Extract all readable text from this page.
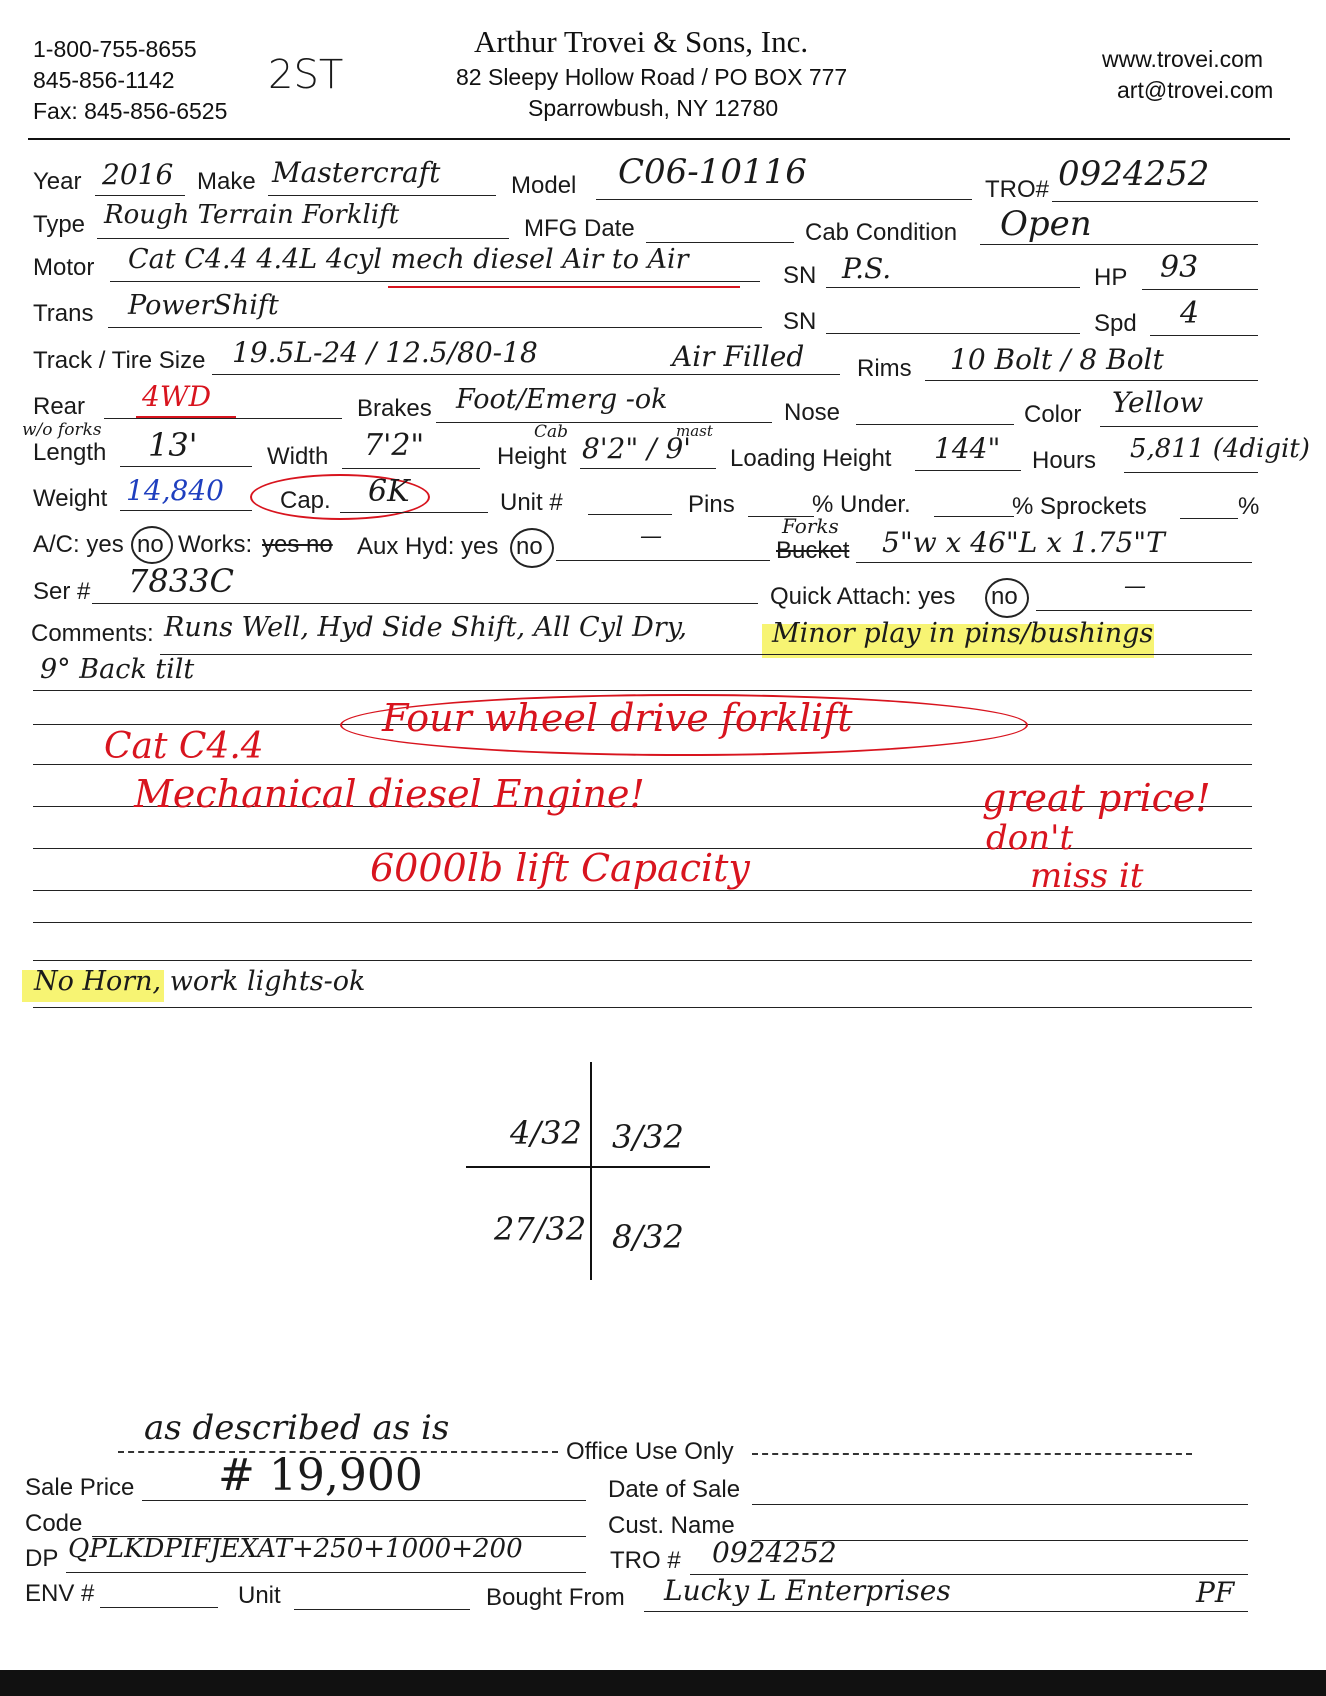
1-800-755-8655
845-856-1142
Fax: 845-856-6525
2ST
Arthur Trovei & Sons, Inc.
82 Sleepy Hollow Road / PO BOX 777
Sparrowbush, NY 12780
www.trovei.com
art@trovei.com
Year 2016 Make Mastercraft	Model C06-10116	TRO# 0924252
Type Rough Terrain Forklift	MFG Date	Cab Condition Open
Motor Cat C4.4 4.4L 4cyl mech diesel Air to Air
SN P.S.	HP 93
Trans PowerShift
SN	Spd 4
Track / Tire Size 19.5L-24 / 12.5/80-18	Air Filled Rims 10 Bolt / 8 Bolt
Rear 4WD	Brakes Foot/Emerg -ok	Nose	Color Yellow
w/o forks
Length 13'	Width 7'2"	Cab	mast
Height 8'2" / 9' Loading Height 144" Hours 5,811 (4digit)
Weight 14,840 Cap. 6K	Unit #	Pins	% Under.	% Sprockets	%
A/C: yes no Works: yes no Aux Hyd: yes no	—	Forks
Bucket 5"w x 46"L x 1.75"T
Ser # 7833C	Quick Attach: yes no	—
Comments: Runs Well, Hyd Side Shift, All Cyl Dry,	Minor play in pins/bushings
9° Back tilt
Four wheel drive forklift
Cat C4.4
Mechanical diesel Engine!
6000lb lift Capacity
great price!
don't
miss it
No Horn, work lights-ok
4/32 3/32
27/32 8/32
as described as is
Office Use Only
Sale Price # 19,900	Date of Sale
Code	Cust. Name
DP QPLKDPIFJEXAT+250+1000+200	TRO # 0924252
ENV #	Unit	Bought From Lucky L Enterprises	PF
